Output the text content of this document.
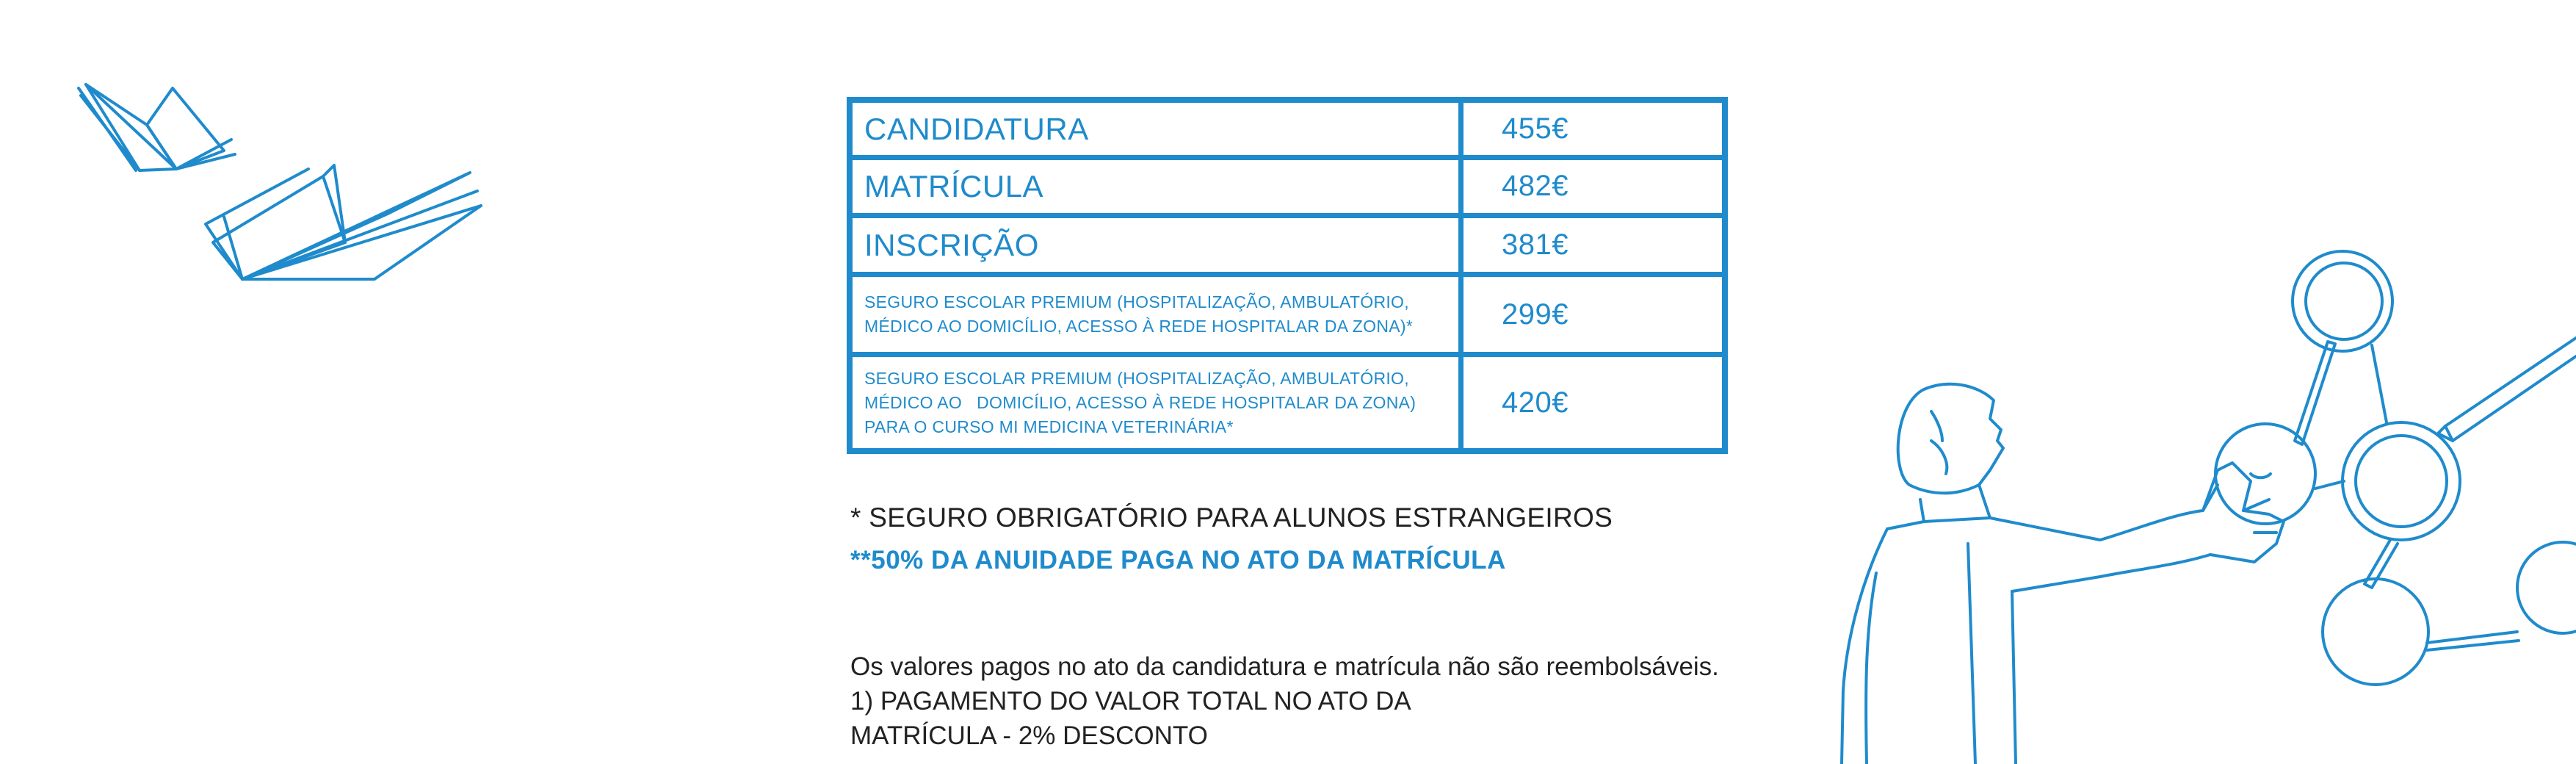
CANDIDATURA	455€
MATRÍCULA	482€
INSCRIÇÃO	381€

SEGURO ESCOLAR PREMIUM (HOSPITALIZAÇÃO, AMBULATÓRIO,
MÉDICO AO DOMICÍLIO, ACESSO À REDE HOSPITALAR DA ZONA)*	299€

SEGURO ESCOLAR PREMIUM (HOSPITALIZAÇÃO, AMBULATÓRIO,
MÉDICO AO   DOMICÍLIO, ACESSO À REDE HOSPITALAR DA ZONA)
PARA O CURSO MI MEDICINA VETERINÁRIA*	420€
* SEGURO OBRIGATÓRIO PARA ALUNOS ESTRANGEIROS
**50% DA ANUIDADE PAGA NO ATO DA MATRÍCULA
Os valores pagos no ato da candidatura e matrícula não são reembolsáveis.
1) PAGAMENTO DO VALOR TOTAL NO ATO DA
MATRÍCULA - 2% DESCONTO
